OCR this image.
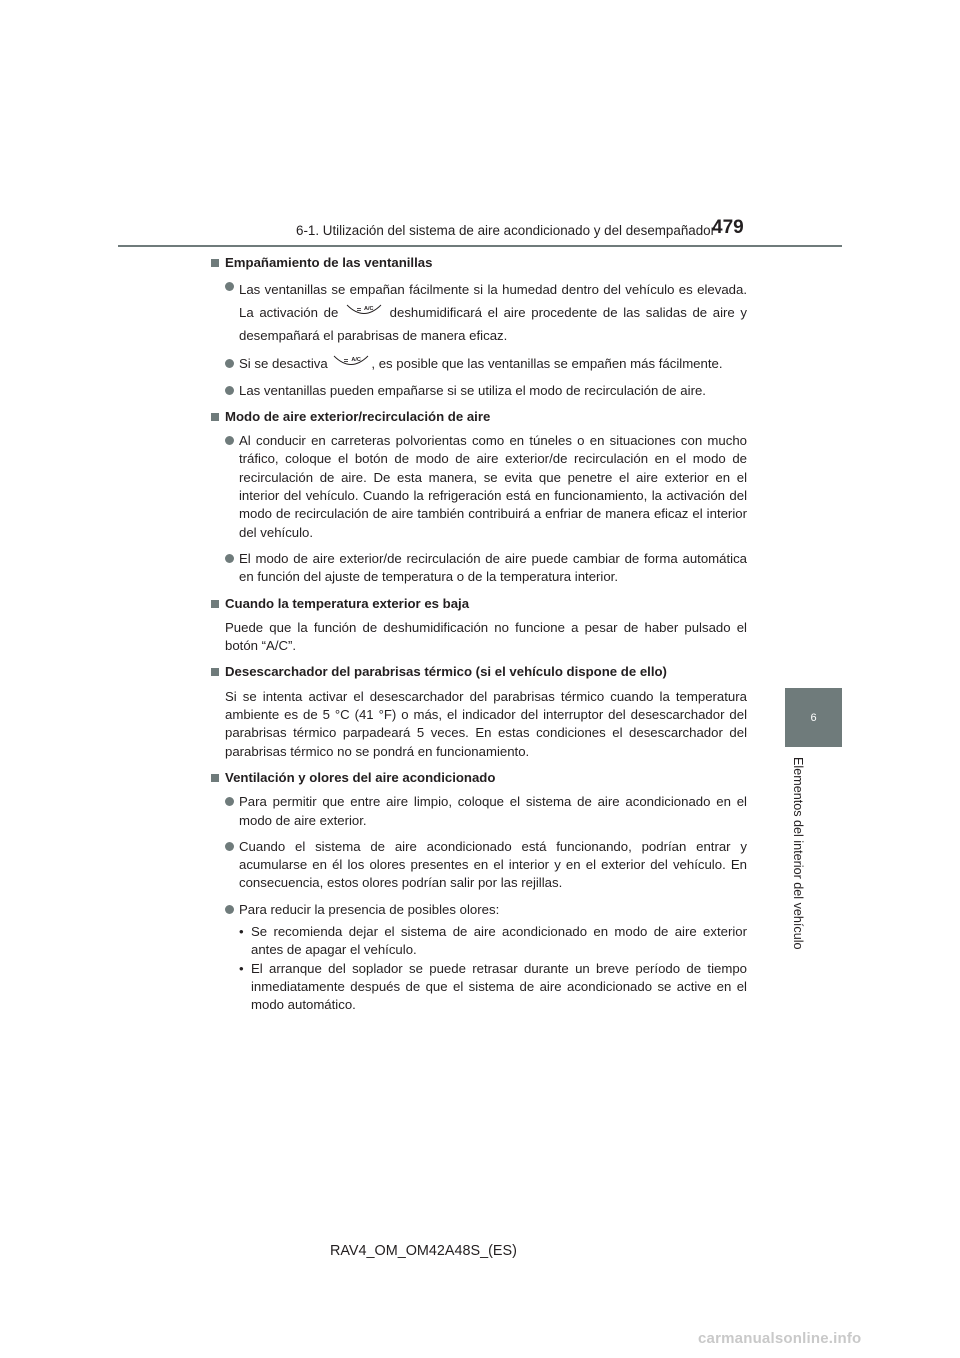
6-1. Utilización del sistema de aire acondicionado y del desempañador
479
6
Elementos del interior del vehículo
Empañamiento de las ventanillas
Las ventanillas se empañan fácilmente si la humedad dentro del vehículo es elevada. La activación de	A/C deshumidificará el aire procedente de las salidas de aire y desempañará el parabrisas de manera eficaz.
Si se desactiva	A/C , es posible que las ventanillas se empañen más fácilmente.
Las ventanillas pueden empañarse si se utiliza el modo de recirculación de aire.
Modo de aire exterior/recirculación de aire
Al conducir en carreteras polvorientas como en túneles o en situaciones con mucho tráfico, coloque el botón de modo de aire exterior/de recirculación en el modo de recirculación de aire. De esta manera, se evita que penetre el aire exterior en el interior del vehículo. Cuando la refrigeración está en funcionamiento, la activación del modo de recirculación de aire también contribuirá a enfriar de manera eficaz el interior del vehículo.
El modo de aire exterior/de recirculación de aire puede cambiar de forma automática en función del ajuste de temperatura o de la temperatura interior.
Cuando la temperatura exterior es baja
Puede que la función de deshumidificación no funcione a pesar de haber pulsado el botón “A/C”.
Desescarchador del parabrisas térmico (si el vehículo dispone de ello)
Si se intenta activar el desescarchador del parabrisas térmico cuando la temperatura ambiente es de 5 °C (41 °F) o más, el indicador del interruptor del desescarchador del parabrisas térmico parpadeará 5 veces. En estas condiciones el desescarchador del parabrisas térmico no se pondrá en funcionamiento.
Ventilación y olores del aire acondicionado
Para permitir que entre aire limpio, coloque el sistema de aire acondicionado en el modo de aire exterior.
Cuando el sistema de aire acondicionado está funcionando, podrían entrar y acumularse en él los olores presentes en el interior y en el exterior del vehículo. En consecuencia, estos olores podrían salir por las rejillas.
Para reducir la presencia de posibles olores:
• Se recomienda dejar el sistema de aire acondicionado en modo de aire exterior antes de apagar el vehículo.
• El arranque del soplador se puede retrasar durante un breve período de tiempo inmediatamente después de que el sistema de aire acondicionado se active en el modo automático.
RAV4_OM_OM42A48S_(ES)
carmanualsonline.info
